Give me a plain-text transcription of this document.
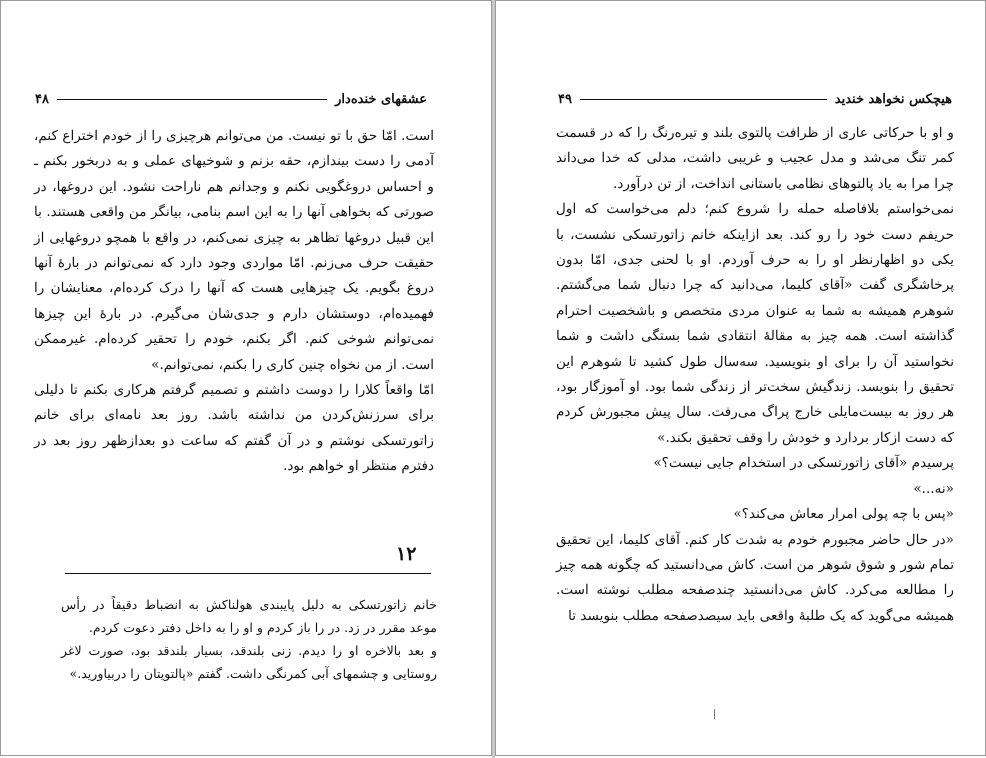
عشقهای خنده‌دار
۴۸

است. امّا حق با تو نیست. من می‌توانم هرچیزی را از خودم اختراع کنم، آدمی را دست بیندازم، حقه بزنم و شوخیهای عملی و به دربخور بکنم ـ و احساس دروغگویی نکنم و وجدانم هم ناراحت نشود. این دروغها، در صورتی که بخواهی آنها را به این اسم بنامی، بیانگر من واقعی هستند. با این قبیل دروغها تظاهر به چیزی نمی‌کنم، در واقع با همچو دروغهایی از حقیقت حرف می‌زنم. امّا مواردی وجود دارد که نمی‌توانم در بارهٔ آنها دروغ بگویم. یک چیزهایی هست که آنها را درک کرده‌ام، معنایشان را فهمیده‌ام، دوستشان دارم و جدی‌شان می‌گیرم. در بارهٔ این چیزها نمی‌توانم شوخی کنم. اگر بکنم، خودم را تحقیر کرده‌ام. غیرممکن است. از من نخواه چنین کاری را بکنم، نمی‌توانم.»

امّا واقعاً کلارا را دوست داشتم و تصمیم گرفتم هرکاری بکنم تا دلیلی برای سرزنش‌کردن من نداشته باشد. روز بعد نامه‌ای برای خانم زاتورتسکی نوشتم و در آن گفتم که ساعت دو بعدازظهر روز بعد در دفترم منتظر او خواهم بود.

۱۲

خانم زاتورتسکی به دلیل پایبندی هولناکش به انضباط دقیقاً در رأس موعد مقرر در زد. در را باز کردم و او را به داخل دفتر دعوت کردم.

و بعد بالاخره او را دیدم. زنی بلندقد، بسیار بلندقد بود، صورت لاغر روستایی و چشمهای آبی کمرنگی داشت. گفتم «پالتویتان را دربیاورید.»

هیچکس نخواهد خندید
۴۹

و او با حرکاتی عاری از ظرافت پالتوی بلند و تیره‌رنگ را که در قسمت کمر تنگ می‌شد و مدل عجیب و غریبی داشت، مدلی که خدا می‌داند چرا مرا به یاد پالتوهای نظامی باستانی انداخت، از تن درآورد.

نمی‌خواستم بلافاصله حمله را شروع کنم؛ دلم می‌خواست که اول حریفم دست خود را رو کند. بعد ازاینکه خانم زاتورتسکی نشست، با یکی دو اظهارنظر او را به حرف آوردم. او با لحنی جدی، امّا بدون پرخاشگری گفت «آقای کلیما، می‌دانید که چرا دنبال شما می‌گشتم. شوهرم همیشه به شما به عنوان مردی متخصص و باشخصیت احترام گذاشته است. همه چیز به مقالهٔ انتقادی شما بستگی داشت و شما نخواستید آن را برای او بنویسید. سه‌سال طول کشید تا شوهرم این تحقیق را بنویسد. زندگیش سخت‌تر از زندگی شما بود. او آموزگار بود، هر روز به بیست‌مایلی خارج پراگ می‌رفت. سال پیش مجبورش کردم که دست ازکار بردارد و خودش را وقف تحقیق بکند.»

پرسیدم «آقای زاتورتسکی در استخدام جایی نیست؟»

«نه...»

«پس با چه پولی امرار معاش می‌کند؟»

«در حال حاضر مجبورم خودم به شدت کار کنم. آقای کلیما، این تحقیق تمام شور و شوق شوهر من است. کاش می‌دانستید که چگونه همه چیز را مطالعه می‌کرد. کاش می‌دانستید چندصفحه مطلب نوشته است. همیشه می‌گوید که یک طلبهٔ واقعی باید سیصدصفحه مطلب بنویسد تا
